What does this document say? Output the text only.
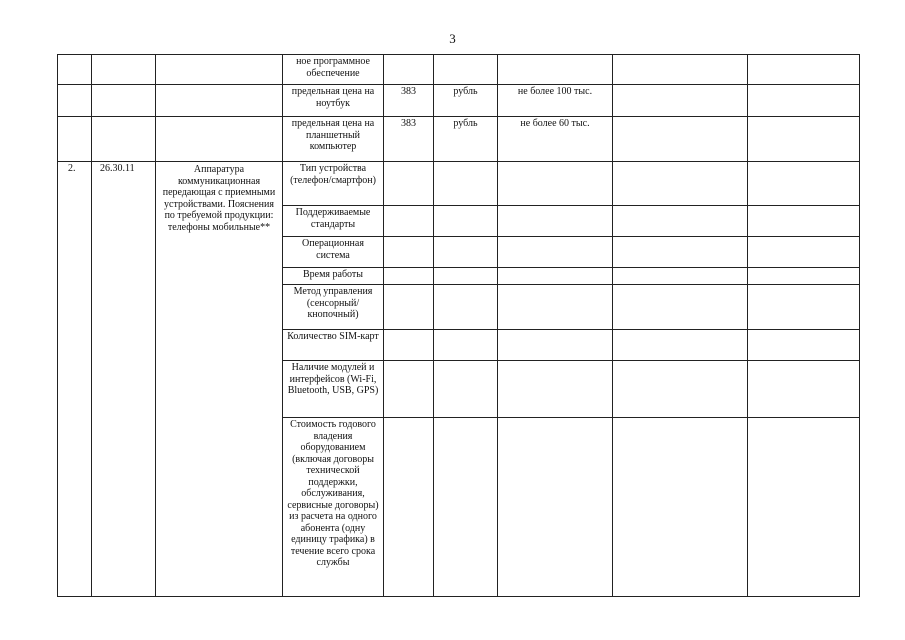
3
			ное программное обеспечение					
			предельная цена на ноутбук	383	рубль	не более 100 тыс.		
			предельная цена на планшетный компьютер	383	рубль	не более 60 тыс.		
2.	26.30.11	Аппаратура коммуникационная передающая с приемными устройствами. Пояснения по требуемой продукции: телефоны мобильные**	Тип устройства (телефон/смартфон)					
			Поддерживаемые стандарты					
			Операционная система					
			Время работы					
			Метод управления (сенсорный/кнопочный)					
			Количество SIM-карт					
			Наличие модулей и интерфейсов (Wi-Fi, Bluetooth, USB, GPS)					
			Стоимость годового владения оборудованием (включая договоры технической поддержки, обслуживания, сервисные договоры) из расчета на одного абонента (одну единицу трафика) в течение всего срока службы					
